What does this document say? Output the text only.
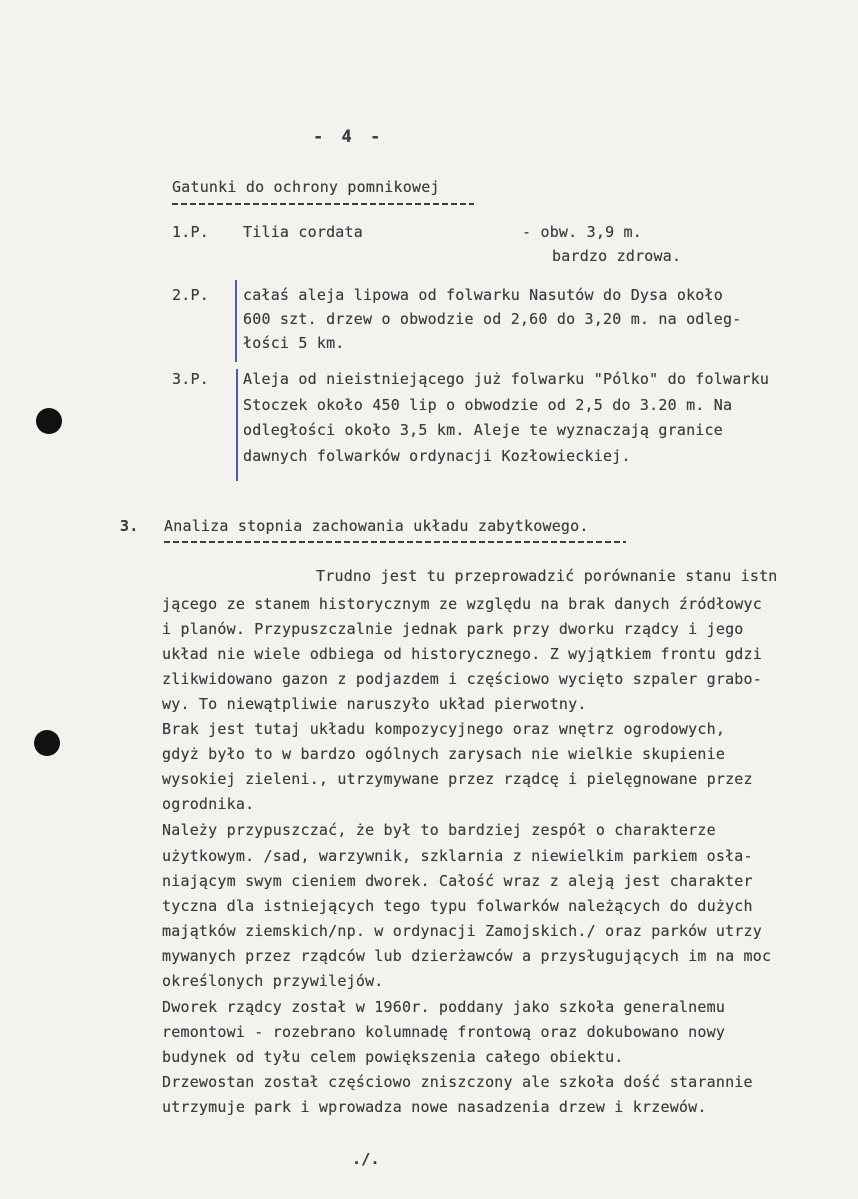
- 4 -
Gatunki do ochrony pomnikowej
1.P. Tilia cordata	- obw. 3,9 m.
bardzo zdrowa.
2.P. całaś aleja lipowa od folwarku Nasutów do Dysa około
600 szt. drzew o obwodzie od 2,60 do 3,20 m. na odleg-
łości 5 km.
3.P. Aleja od nieistniejącego już folwarku "Pólko" do folwarku
Stoczek około 450 lip o obwodzie od 2,5 do 3.20 m. Na
odległości około 3,5 km. Aleje te wyznaczają granice
dawnych folwarków ordynacji Kozłowieckiej.
3. Analiza stopnia zachowania układu zabytkowego.
Trudno jest tu przeprowadzić porównanie stanu istn
jącego ze stanem historycznym ze względu na brak danych źródłowyc
i planów. Przypuszczalnie jednak park przy dworku rządcy i jego
układ nie wiele odbiega od historycznego. Z wyjątkiem frontu gdzi
zlikwidowano gazon z podjazdem i częściowo wycięto szpaler grabo-
wy. To niewątpliwie naruszyło układ pierwotny.
Brak jest tutaj układu kompozycyjnego oraz wnętrz ogrodowych,
gdyż było to w bardzo ogólnych zarysach nie wielkie skupienie
wysokiej zieleni., utrzymywane przez rządcę i pielęgnowane przez
ogrodnika.
Należy przypuszczać, że był to bardziej zespół o charakterze
użytkowym. /sad, warzywnik, szklarnia z niewielkim parkiem osła-
niającym swym cieniem dworek. Całość wraz z aleją jest charakter
tyczna dla istniejących tego typu folwarków należących do dużych
majątków ziemskich/np. w ordynacji Zamojskich./ oraz parków utrzy
mywanych przez rządców lub dzierżawców a przysługujących im na moc
określonych przywilejów.
Dworek rządcy został w 1960r. poddany jako szkoła generalnemu
remontowi - rozebrano kolumnadę frontową oraz dokubowano nowy
budynek od tyłu celem powiększenia całego obiektu.
Drzewostan został częściowo zniszczony ale szkoła dość starannie
utrzymuje park i wprowadza nowe nasadzenia drzew i krzewów.
./.
